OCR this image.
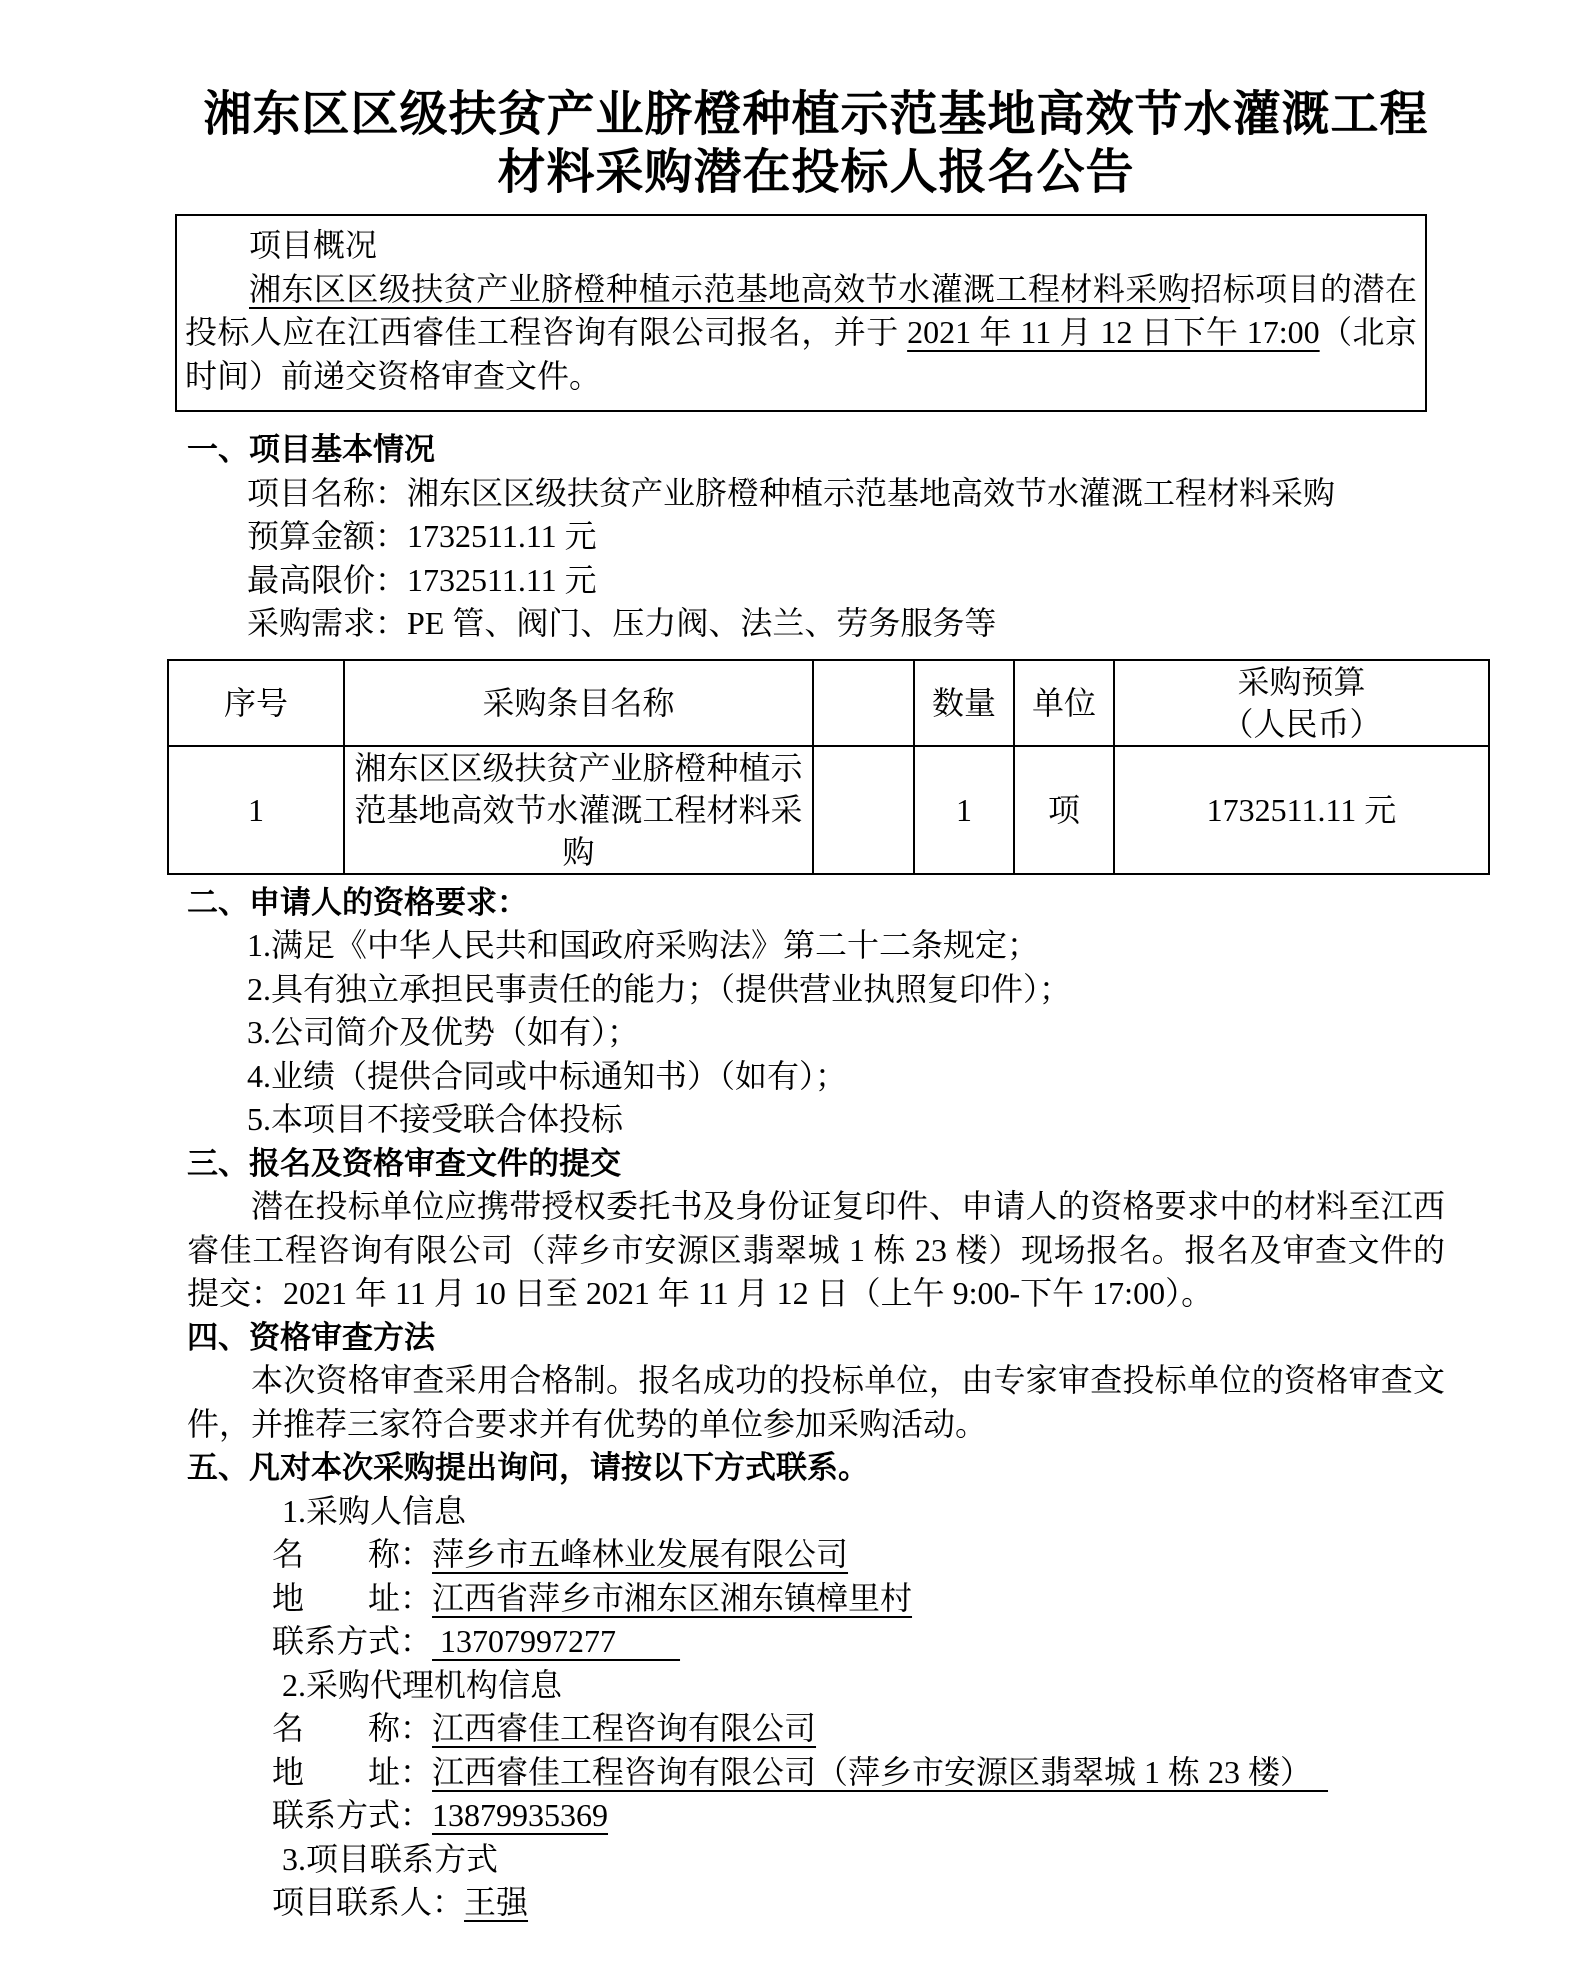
湘东区区级扶贫产业脐橙种植示范基地高效节水灌溉工程
材料采购潜在投标人报名公告

项目概况

湘东区区级扶贫产业脐橙种植示范基地高效节水灌溉工程材料采购招标项目的潜在投标人应在江西睿佳工程咨询有限公司报名，并于 2021 年 11 月 12 日下午 17:00（北京时间）前递交资格审查文件。

一、项目基本情况

项目名称：湘东区区级扶贫产业脐橙种植示范基地高效节水灌溉工程材料采购

预算金额：1732511.11 元

最高限价：1732511.11 元

采购需求：PE 管、阀门、压力阀、法兰、劳务服务等

序号	采购条目名称		数量	单位	采购预算
（人民币）

1	湘东区区级扶贫产业脐橙种植示范基地高效节水灌溉工程材料采购		1	项	1732511.11 元

二、申请人的资格要求：

1.满足《中华人民共和国政府采购法》第二十二条规定；

2.具有独立承担民事责任的能力；（提供营业执照复印件）；

3.公司简介及优势（如有）；

4.业绩（提供合同或中标通知书）（如有）；

5.本项目不接受联合体投标

三、报名及资格审查文件的提交

潜在投标单位应携带授权委托书及身份证复印件、申请人的资格要求中的材料至江西睿佳工程咨询有限公司（萍乡市安源区翡翠城 1 栋 23 楼）现场报名。报名及审查文件的提交：2021 年 11 月 10 日至 2021 年 11 月 12 日（上午 9:00-下午 17:00）。

四、资格审查方法

本次资格审查采用合格制。报名成功的投标单位，由专家审查投标单位的资格审查文件，并推荐三家符合要求并有优势的单位参加采购活动。

五、凡对本次采购提出询问，请按以下方式联系。

1.采购人信息

名　　称：萍乡市五峰林业发展有限公司

地　　址：江西省萍乡市湘东区湘东镇樟里村

联系方式： 13707997277　　

2.采购代理机构信息

名　　称：江西睿佳工程咨询有限公司

地　　址：江西睿佳工程咨询有限公司（萍乡市安源区翡翠城 1 栋 23 楼）　

联系方式：13879935369

3.项目联系方式

项目联系人：王强
